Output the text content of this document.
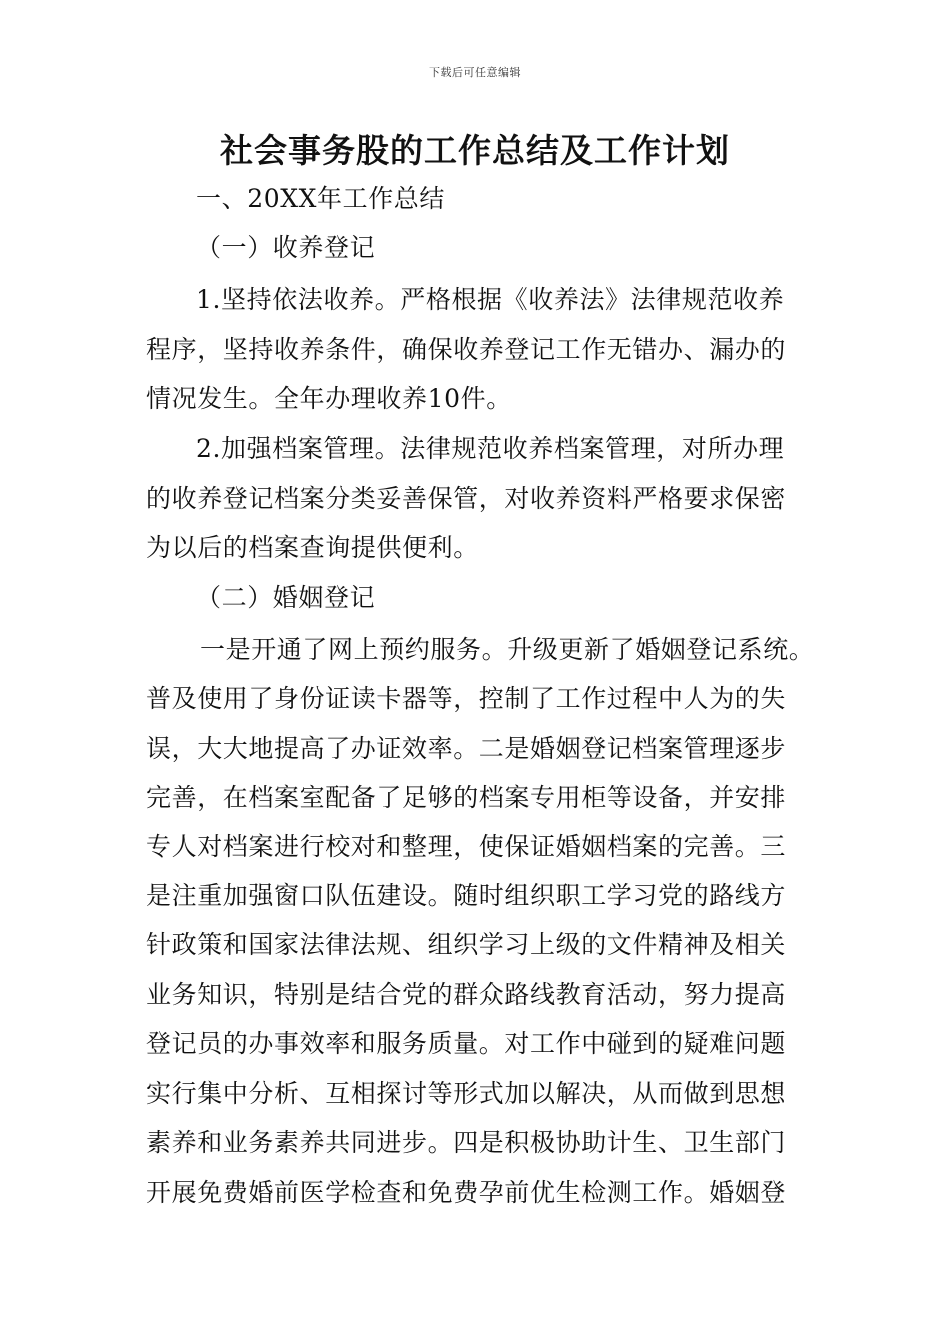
下载后可任意编辑
社会事务股的工作总结及工作计划
一、20XX年工作总结
（一）收养登记
1.坚持依法收养。严格根据《收养法》法律规范收养
程序，坚持收养条件，确保收养登记工作无错办、漏办的
情况发生。全年办理收养10件。
2.加强档案管理。法律规范收养档案管理，对所办理
的收养登记档案分类妥善保管，对收养资料严格要求保密
为以后的档案查询提供便利。
（二）婚姻登记
一是开通了网上预约服务。升级更新了婚姻登记系统。
普及使用了身份证读卡器等，控制了工作过程中人为的失
误，大大地提高了办证效率。二是婚姻登记档案管理逐步
完善，在档案室配备了足够的档案专用柜等设备，并安排
专人对档案进行校对和整理，使保证婚姻档案的完善。三
是注重加强窗口队伍建设。随时组织职工学习党的路线方
针政策和国家法律法规、组织学习上级的文件精神及相关
业务知识，特别是结合党的群众路线教育活动，努力提高
登记员的办事效率和服务质量。对工作中碰到的疑难问题
实行集中分析、互相探讨等形式加以解决，从而做到思想
素养和业务素养共同进步。四是积极协助计生、卫生部门
开展免费婚前医学检查和免费孕前优生检测工作。婚姻登
